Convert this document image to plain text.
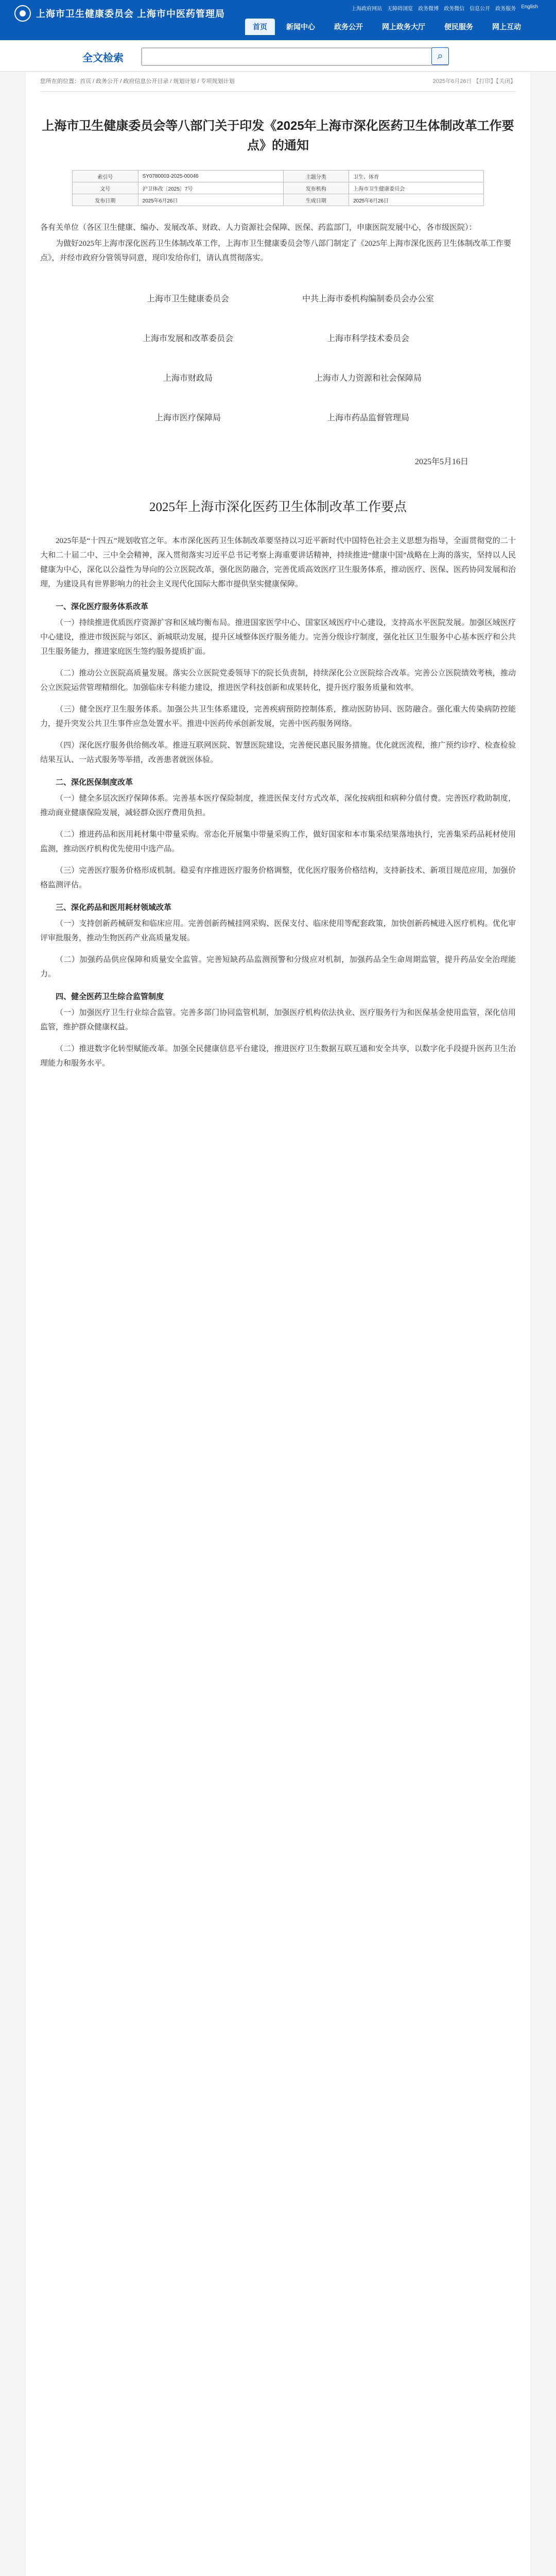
上海市卫生健康委员会 上海市中医药管理局	上海政府网站 无障碍浏览 政务微博 政务微信 信息公开 政务服务 English
首页	新闻中心	政务公开	网上政务大厅	便民服务	网上互动
全文检索	⌕
您所在的位置：首页 / 政务公开 / 政府信息公开目录 / 规划计划 / 专项规划计划	2025年6月26日 【打印】【关闭】
上海市卫生健康委员会等八部门关于印发《2025年上海市深化医药卫生体制改革工作要点》的通知
索引号	SY0780003-2025-00046	主题分类	卫生、体育
文号	沪卫体改〔2025〕7号	发布机构	上海市卫生健康委员会
发布日期	2025年6月26日	生成日期	2025年6月26日

各有关单位（各区卫生健康、编办、发展改革、财政、人力资源社会保障、医保、药监部门，申康医院发展中心，各市级医院）：

为做好2025年上海市深化医药卫生体制改革工作，上海市卫生健康委员会等八部门制定了《2025年上海市深化医药卫生体制改革工作要点》，并经市政府分管领导同意，现印发给你们，请认真贯彻落实。

上海市卫生健康委员会	中共上海市委机构编制委员会办公室
上海市发展和改革委员会	上海市科学技术委员会
上海市财政局	上海市人力资源和社会保障局
上海市医疗保障局	上海市药品监督管理局
2025年5月16日
2025年上海市深化医药卫生体制改革工作要点

2025年是“十四五”规划收官之年。本市深化医药卫生体制改革要坚持以习近平新时代中国特色社会主义思想为指导，全面贯彻党的二十大和二十届二中、三中全会精神，深入贯彻落实习近平总书记考察上海重要讲话精神，持续推进“健康中国”战略在上海的落实，坚持以人民健康为中心，深化以公益性为导向的公立医院改革，强化医防融合，完善优质高效医疗卫生服务体系，推动医疗、医保、医药协同发展和治理，为建设具有世界影响力的社会主义现代化国际大都市提供坚实健康保障。

一、深化医疗服务体系改革

（一）持续推进优质医疗资源扩容和区域均衡布局。推进国家医学中心、国家区域医疗中心建设，支持高水平医院发展。加强区域医疗中心建设，推进市级医院与郊区、新城联动发展，提升区域整体医疗服务能力。完善分级诊疗制度，强化社区卫生服务中心基本医疗和公共卫生服务能力，推进家庭医生签约服务提质扩面。

（二）推动公立医院高质量发展。落实公立医院党委领导下的院长负责制，持续深化公立医院综合改革。完善公立医院绩效考核，推动公立医院运营管理精细化。加强临床专科能力建设，推进医学科技创新和成果转化，提升医疗服务质量和效率。

（三）健全医疗卫生服务体系。加强公共卫生体系建设，完善疾病预防控制体系，推动医防协同、医防融合。强化重大传染病防控能力，提升突发公共卫生事件应急处置水平。推进中医药传承创新发展，完善中医药服务网络。

（四）深化医疗服务供给侧改革。推进互联网医院、智慧医院建设，完善便民惠民服务措施。优化就医流程，推广预约诊疗、检查检验结果互认、一站式服务等举措，改善患者就医体验。

二、深化医保制度改革

（一）健全多层次医疗保障体系。完善基本医疗保险制度，推进医保支付方式改革，深化按病组和病种分值付费。完善医疗救助制度，推动商业健康保险发展，减轻群众医疗费用负担。

（二）推进药品和医用耗材集中带量采购。常态化开展集中带量采购工作，做好国家和本市集采结果落地执行，完善集采药品耗材使用监测，推动医疗机构优先使用中选产品。

（三）完善医疗服务价格形成机制。稳妥有序推进医疗服务价格调整，优化医疗服务价格结构，支持新技术、新项目规范应用，加强价格监测评估。

三、深化药品和医用耗材领域改革

（一）支持创新药械研发和临床应用。完善创新药械挂网采购、医保支付、临床使用等配套政策，加快创新药械进入医疗机构。优化审评审批服务，推动生物医药产业高质量发展。

（二）加强药品供应保障和质量安全监管。完善短缺药品监测预警和分级应对机制，加强药品全生命周期监管，提升药品安全治理能力。

四、健全医药卫生综合监管制度

（一）加强医疗卫生行业综合监管。完善多部门协同监管机制，加强医疗机构依法执业、医疗服务行为和医保基金使用监管，深化信用监管，维护群众健康权益。

（二）推进数字化转型赋能改革。加强全民健康信息平台建设，推进医疗卫生数据互联互通和安全共享，以数字化手段提升医药卫生治理能力和服务水平。
